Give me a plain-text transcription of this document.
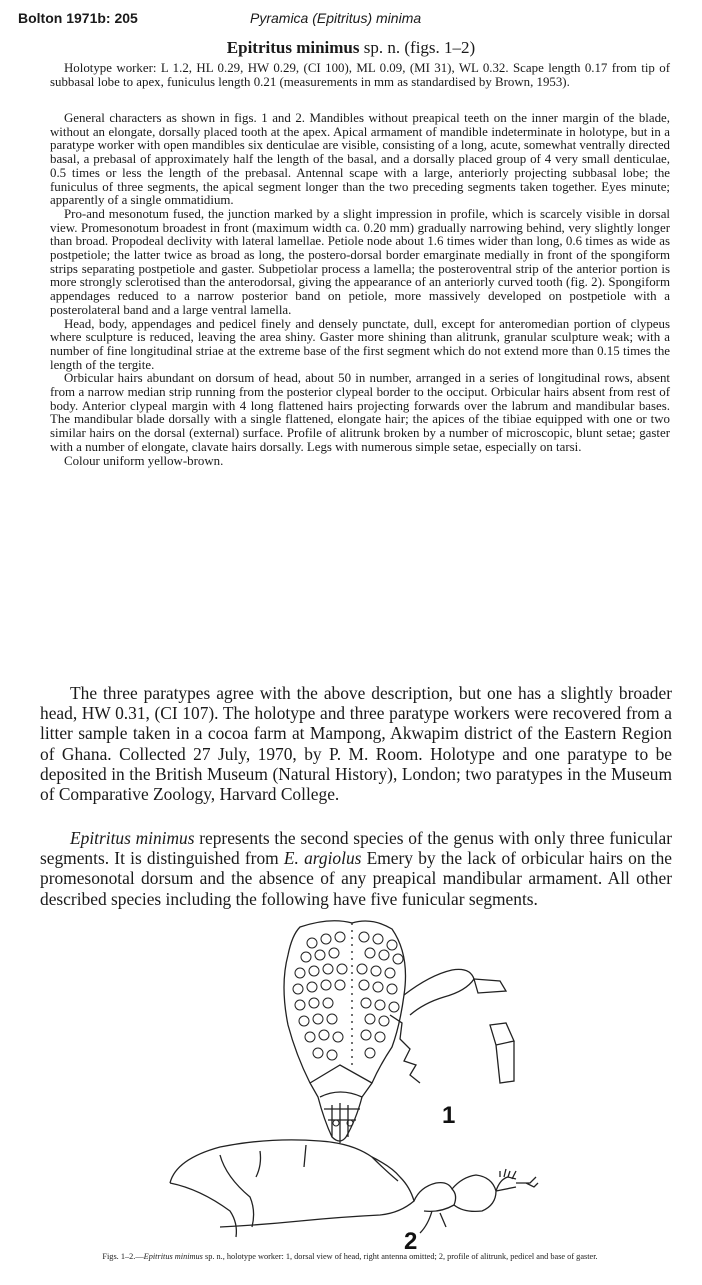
Bolton 1971b: 205	Pyramica (Epitritus) minima
Epitritus minimus sp. n. (figs. 1–2)

Holotype worker: L 1.2, HL 0.29, HW 0.29, (CI 100), ML 0.09, (MI 31), WL 0.32. Scape length 0.17 from tip of subbasal lobe to apex, funiculus length 0.21 (measurements in mm as standardised by Brown, 1953).

General characters as shown in figs. 1 and 2. Mandibles without preapical teeth on the inner margin of the blade, without an elongate, dorsally placed tooth at the apex. Apical armament of mandible indeterminate in holotype, but in a paratype worker with open mandibles six denticulae are visible, consisting of a long, acute, somewhat ventrally directed basal, a prebasal of approximately half the length of the basal, and a dorsally placed group of 4 very small denticulae, 0.5 times or less the length of the prebasal. Antennal scape with a large, anteriorly projecting subbasal lobe; the funiculus of three segments, the apical segment longer than the two preceding segments taken together. Eyes minute; apparently of a single ommatidium.

Pro-and mesonotum fused, the junction marked by a slight impression in profile, which is scarcely visible in dorsal view. Promesonotum broadest in front (maximum width ca. 0.20 mm) gradually narrowing behind, very slightly longer than broad. Propodeal declivity with lateral lamellae. Petiole node about 1.6 times wider than long, 0.6 times as wide as postpetiole; the latter twice as broad as long, the postero-dorsal border emarginate medially in front of the spongiform strips separating postpetiole and gaster. Subpetiolar process a lamella; the posteroventral strip of the anterior portion is more strongly sclerotised than the anterodorsal, giving the appearance of an anteriorly curved tooth (fig. 2). Spongiform appendages reduced to a narrow posterior band on petiole, more massively developed on postpetiole with a posterolateral band and a large ventral lamella.

Head, body, appendages and pedicel finely and densely punctate, dull, except for anteromedian portion of clypeus where sculpture is reduced, leaving the area shiny. Gaster more shining than alitrunk, granular sculpture weak; with a number of fine longitudinal striae at the extreme base of the first segment which do not extend more than 0.15 times the length of the tergite.

Orbicular hairs abundant on dorsum of head, about 50 in number, arranged in a series of longitudinal rows, absent from a narrow median strip running from the posterior clypeal border to the occiput. Orbicular hairs absent from rest of body. Anterior clypeal margin with 4 long flattened hairs projecting forwards over the labrum and mandibular bases. The mandibular blade dorsally with a single flattened, elongate hair; the apices of the tibiae equipped with one or two similar hairs on the dorsal (external) surface. Profile of alitrunk broken by a number of microscopic, blunt setae; gaster with a number of elongate, clavate hairs dorsally. Legs with numerous simple setae, especially on tarsi.

Colour uniform yellow-brown.

The three paratypes agree with the above description, but one has a slightly broader head, HW 0.31, (CI 107). The holotype and three paratype workers were recovered from a litter sample taken in a cocoa farm at Mampong, Akwapim district of the Eastern Region of Ghana. Collected 27 July, 1970, by P. M. Room. Holotype and one paratype to be deposited in the British Museum (Natural History), London; two paratypes in the Museum of Comparative Zoology, Harvard College.

Epitritus minimus represents the second species of the genus with only three funicular segments. It is distinguished from E. argiolus Emery by the lack of orbicular hairs on the promesonotal dorsum and the absence of any preapical mandibular armament. All other described species including the following have five funicular segments.

1
2
Figs. 1–2.—Epitritus minimus sp. n., holotype worker: 1, dorsal view of head, right antenna omitted; 2, profile of alitrunk, pedicel and base of gaster.
